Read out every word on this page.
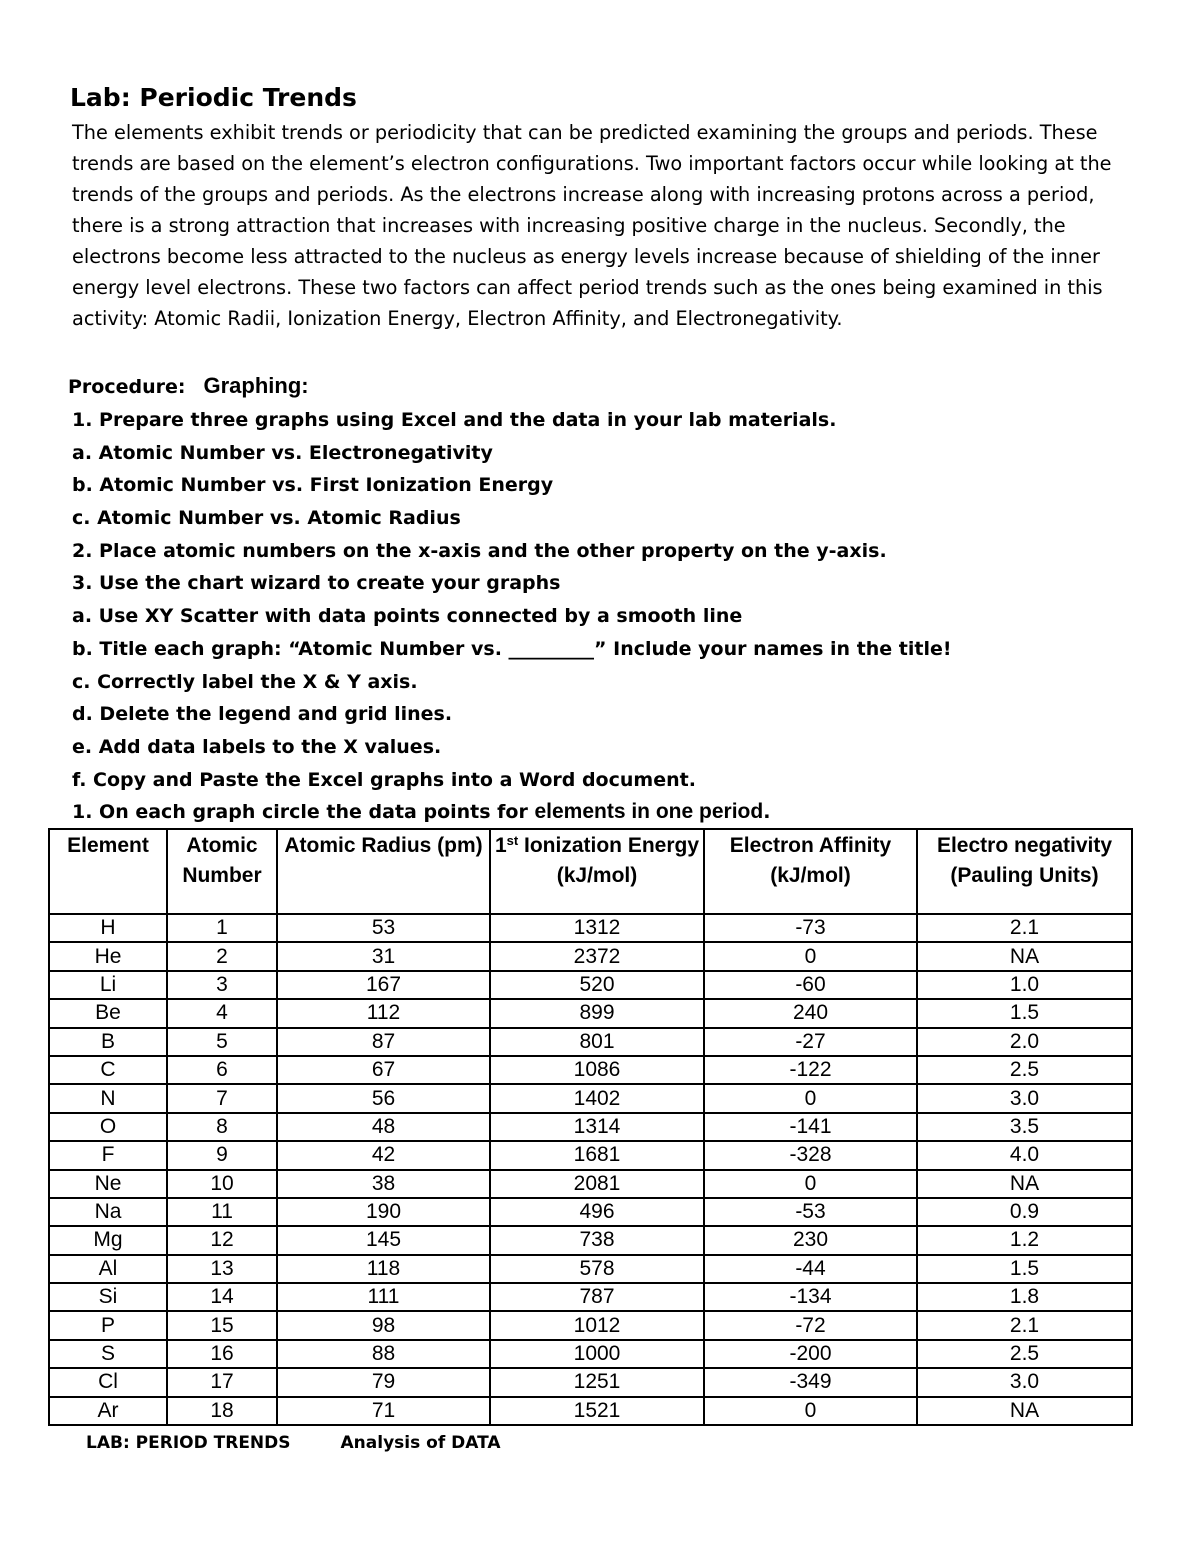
Lab: Periodic Trends

The elements exhibit trends or periodicity that can be predicted examining the groups and periods. These trends are based on the element’s electron configurations. Two important factors occur while looking at the trends of the groups and periods. As the electrons increase along with increasing protons across a period, there is a strong attraction that increases with increasing positive charge in the nucleus. Secondly, the electrons become less attracted to the nucleus as energy levels increase because of shielding of the inner energy level electrons. These two factors can affect period trends such as the ones being examined in this activity: Atomic Radii, Ionization Energy, Electron Affinity, and Electronegativity.

Procedure: Graphing:
1. Prepare three graphs using Excel and the data in your lab materials.
a. Atomic Number vs. Electronegativity
b. Atomic Number vs. First Ionization Energy
c. Atomic Number vs. Atomic Radius
2. Place atomic numbers on the x-axis and the other property on the y-axis.
3. Use the chart wizard to create your graphs
a. Use XY Scatter with data points connected by a smooth line
b. Title each graph: “Atomic Number vs. _________” Include your names in the title!
c. Correctly label the X & Y axis.
d. Delete the legend and grid lines.
e. Add data labels to the X values.
f. Copy and Paste the Excel graphs into a Word document.
1. On each graph circle the data points for elements in one period.
Element	Atomic Number	Atomic Radius (pm)	1st Ionization Energy (kJ/mol)	Electron Affinity (kJ/mol)	Electro negativity (Pauling Units)
H	1	53	1312	-73	2.1
He	2	31	2372	0	NA
Li	3	167	520	-60	1.0
Be	4	112	899	240	1.5
B	5	87	801	-27	2.0
C	6	67	1086	-122	2.5
N	7	56	1402	0	3.0
O	8	48	1314	-141	3.5
F	9	42	1681	-328	4.0
Ne	10	38	2081	0	NA
Na	11	190	496	-53	0.9
Mg	12	145	738	230	1.2
Al	13	118	578	-44	1.5
Si	14	111	787	-134	1.8
P	15	98	1012	-72	2.1
S	16	88	1000	-200	2.5
Cl	17	79	1251	-349	3.0
Ar	18	71	1521	0	NA
LAB: PERIOD TRENDS	Analysis of DATA
